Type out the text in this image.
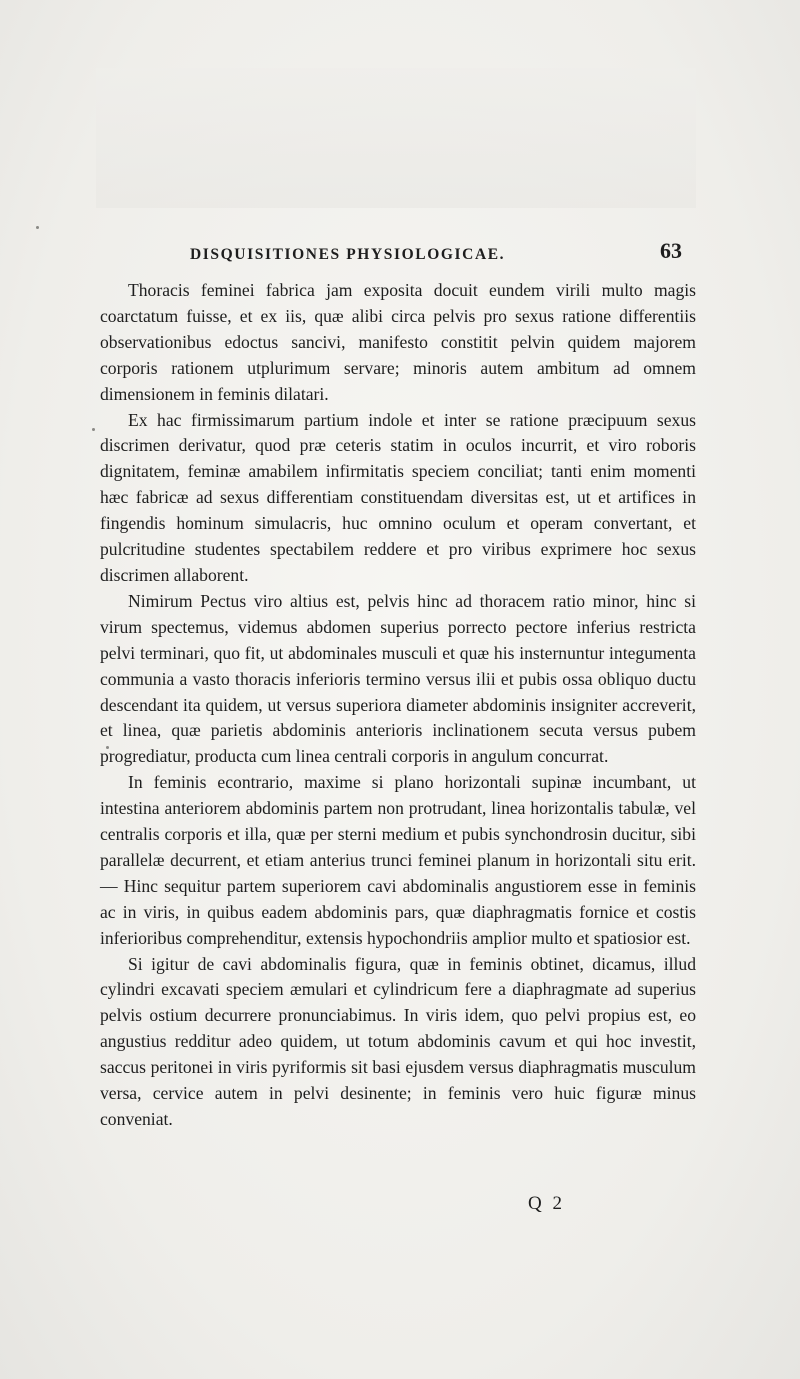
DISQUISITIONES PHYSIOLOGICAE.	63

Thoracis feminei fabrica jam exposita docuit eundem virili multo magis coarctatum fuisse, et ex iis, quæ alibi circa pelvis pro sexus ratione differentiis observationibus edoctus sancivi, manifesto constitit pelvin quidem majorem corporis rationem utplurimum servare; minoris autem ambitum ad omnem dimensionem in feminis dilatari.

Ex hac firmissimarum partium indole et inter se ratione præcipuum sexus discrimen derivatur, quod præ ceteris statim in oculos incurrit, et viro roboris dignitatem, feminæ amabilem infirmitatis speciem conciliat; tanti enim momenti hæc fabricæ ad sexus differentiam constituendam diversitas est, ut et artifices in fingendis hominum simulacris, huc omnino oculum et operam convertant, et pulcritudine studentes spectabilem reddere et pro viribus exprimere hoc sexus discrimen allaborent.

Nimirum Pectus viro altius est, pelvis hinc ad thoracem ratio minor, hinc si virum spectemus, videmus abdomen superius porrecto pectore inferius restricta pelvi terminari, quo fit, ut abdominales musculi et quæ his insternuntur integumenta communia a vasto thoracis inferioris termino versus ilii et pubis ossa obliquo ductu descendant ita quidem, ut versus superiora diameter abdominis insigniter accreverit, et linea, quæ parietis abdominis anterioris inclinationem secuta versus pubem progrediatur, producta cum linea centrali corporis in angulum concurrat.

In feminis econtrario, maxime si plano horizontali supinæ incumbant, ut intestina anteriorem abdominis partem non protrudant, linea horizontalis tabulæ, vel centralis corporis et illa, quæ per sterni medium et pubis synchondrosin ducitur, sibi parallelæ decurrent, et etiam anterius trunci feminei planum in horizontali situ erit. — Hinc sequitur partem superiorem cavi abdominalis angustiorem esse in feminis ac in viris, in quibus eadem abdominis pars, quæ diaphragmatis fornice et costis inferioribus comprehenditur, extensis hypochondriis amplior multo et spatiosior est.

Si igitur de cavi abdominalis figura, quæ in feminis obtinet, dicamus, illud cylindri excavati speciem æmulari et cylindricum fere a diaphragmate ad superius pelvis ostium decurrere pronunciabimus. In viris idem, quo pelvi propius est, eo angustius redditur adeo quidem, ut totum abdominis cavum et qui hoc investit, saccus peritonei in viris pyriformis sit basi ejusdem versus diaphragmatis musculum versa, cervice autem in pelvi desinente; in feminis vero huic figuræ minus conveniat.

Q 2
